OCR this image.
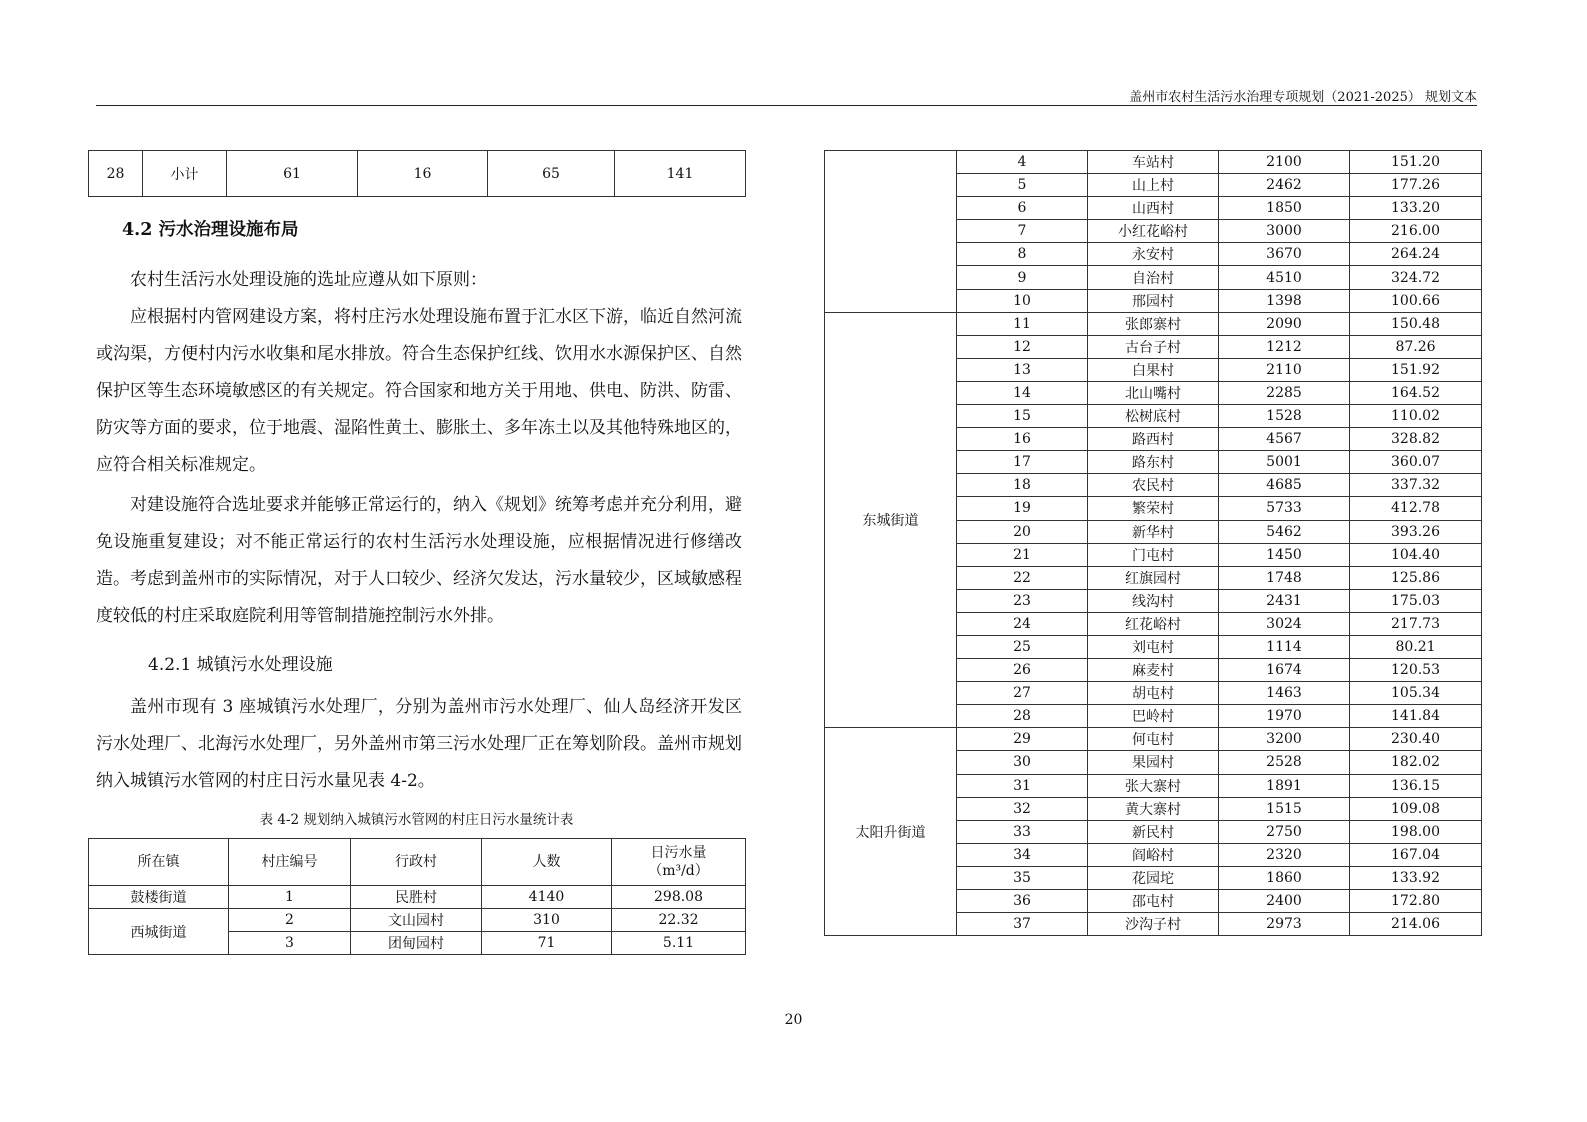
盖州市农村生活污水治理专项规划（2021-2025） 规划文本
28	小计	61	16	65	141
4.2 污水治理设施布局

农村生活污水处理设施的选址应遵从如下原则：

应根据村内管网建设方案，将村庄污水处理设施布置于汇水区下游，临近自然河流或沟渠，方便村内污水收集和尾水排放。符合生态保护红线、饮用水水源保护区、自然保护区等生态环境敏感区的有关规定。符合国家和地方关于用地、供电、防洪、防雷、防灾等方面的要求，位于地震、湿陷性黄土、膨胀土、多年冻土以及其他特殊地区的，应符合相关标准规定。

对建设施符合选址要求并能够正常运行的，纳入《规划》统筹考虑并充分利用，避免设施重复建设；对不能正常运行的农村生活污水处理设施，应根据情况进行修缮改造。考虑到盖州市的实际情况，对于人口较少、经济欠发达，污水量较少，区域敏感程度较低的村庄采取庭院利用等管制措施控制污水外排。

4.2.1 城镇污水处理设施

盖州市现有 3 座城镇污水处理厂，分别为盖州市污水处理厂、仙人岛经济开发区污水处理厂、北海污水处理厂，另外盖州市第三污水处理厂正在筹划阶段。盖州市规划纳入城镇污水管网的村庄日污水量见表 4-2。

表 4-2 规划纳入城镇污水管网的村庄日污水量统计表
所在镇	村庄编号	行政村	人数	日污水量
（m³/d）
鼓楼街道	1	民胜村	4140	298.08
西城街道	2	文山园村	310	22.32
	3	团甸园村	71	5.11
	4	车站村	2100	151.20
	5	山上村	2462	177.26
	6	山西村	1850	133.20
	7	小红花峪村	3000	216.00
	8	永安村	3670	264.24
	9	自治村	4510	324.72
	10	邢园村	1398	100.66
东城街道	11	张郎寨村	2090	150.48
	12	古台子村	1212	87.26
	13	白果村	2110	151.92
	14	北山嘴村	2285	164.52
	15	松树底村	1528	110.02
	16	路西村	4567	328.82
	17	路东村	5001	360.07
	18	农民村	4685	337.32
	19	繁荣村	5733	412.78
	20	新华村	5462	393.26
	21	门屯村	1450	104.40
	22	红旗园村	1748	125.86
	23	线沟村	2431	175.03
	24	红花峪村	3024	217.73
	25	刘屯村	1114	80.21
	26	麻麦村	1674	120.53
	27	胡屯村	1463	105.34
	28	巴岭村	1970	141.84
太阳升街道	29	何屯村	3200	230.40
	30	果园村	2528	182.02
	31	张大寨村	1891	136.15
	32	黄大寨村	1515	109.08
	33	新民村	2750	198.00
	34	阎峪村	2320	167.04
	35	花园坨	1860	133.92
	36	邵屯村	2400	172.80
	37	沙沟子村	2973	214.06
20
